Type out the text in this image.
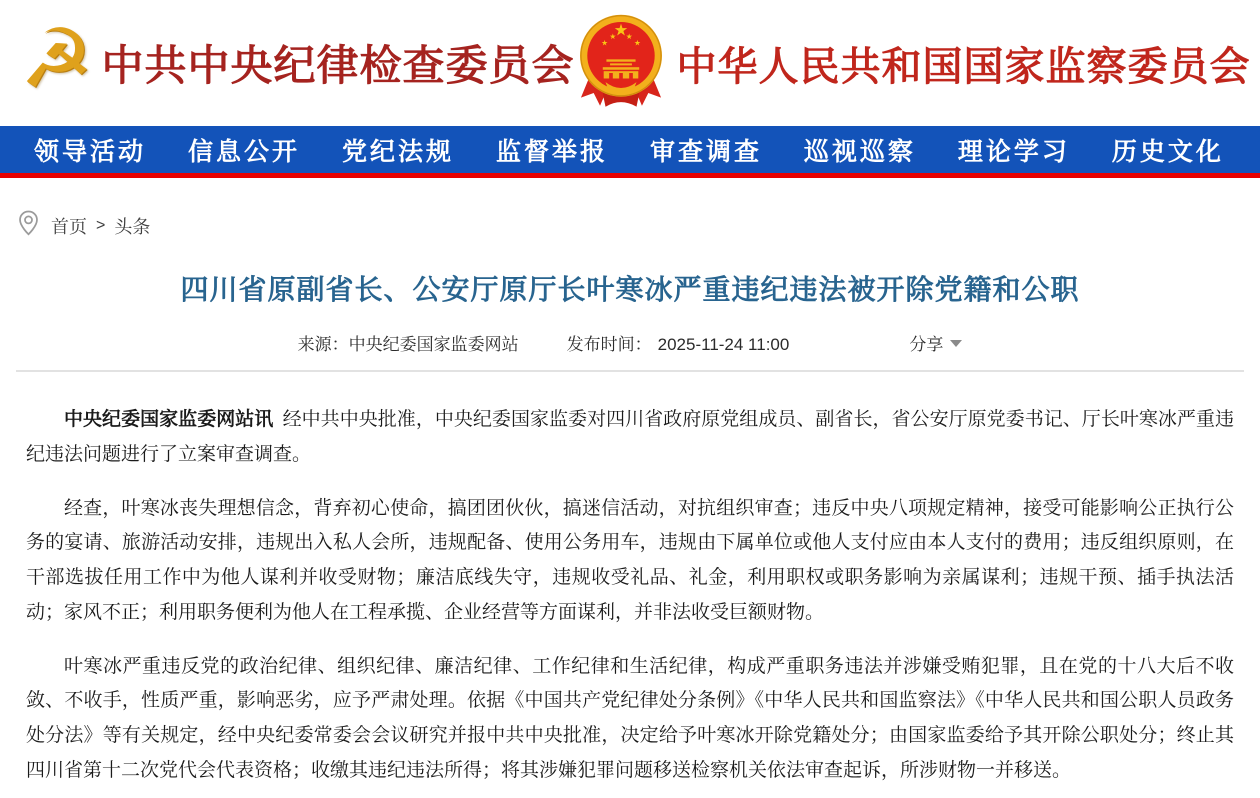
☭ 中共中央纪律检查委员会	中华人民共和国国家监察委员会
领导活动 信息公开 党纪法规 监督举报 审查调查 巡视巡察 理论学习 历史文化
首页 > 头条
四川省原副省长、公安厅原厅长叶寒冰严重违纪违法被开除党籍和公职
来源：中央纪委国家监委网站	发布时间： 2025-11-24 11:00	分享

中央纪委国家监委网站讯 经中共中央批准，中央纪委国家监委对四川省政府原党组成员、副省长，省公安厅原党委书记、厅长叶寒冰严重违纪违法问题进行了立案审查调查。

经查，叶寒冰丧失理想信念，背弃初心使命，搞团团伙伙，搞迷信活动，对抗组织审查；违反中央八项规定精神，接受可能影响公正执行公务的宴请、旅游活动安排，违规出入私人会所，违规配备、使用公务用车，违规由下属单位或他人支付应由本人支付的费用；违反组织原则，在干部选拔任用工作中为他人谋利并收受财物；廉洁底线失守，违规收受礼品、礼金，利用职权或职务影响为亲属谋利；违规干预、插手执法活动；家风不正；利用职务便利为他人在工程承揽、企业经营等方面谋利，并非法收受巨额财物。

叶寒冰严重违反党的政治纪律、组织纪律、廉洁纪律、工作纪律和生活纪律，构成严重职务违法并涉嫌受贿犯罪，且在党的十八大后不收敛、不收手，性质严重，影响恶劣，应予严肃处理。依据《中国共产党纪律处分条例》《中华人民共和国监察法》《中华人民共和国公职人员政务处分法》等有关规定，经中央纪委常委会会议研究并报中共中央批准，决定给予叶寒冰开除党籍处分；由国家监委给予其开除公职处分；终止其四川省第十二次党代会代表资格；收缴其违纪违法所得；将其涉嫌犯罪问题移送检察机关依法审查起诉，所涉财物一并移送。
